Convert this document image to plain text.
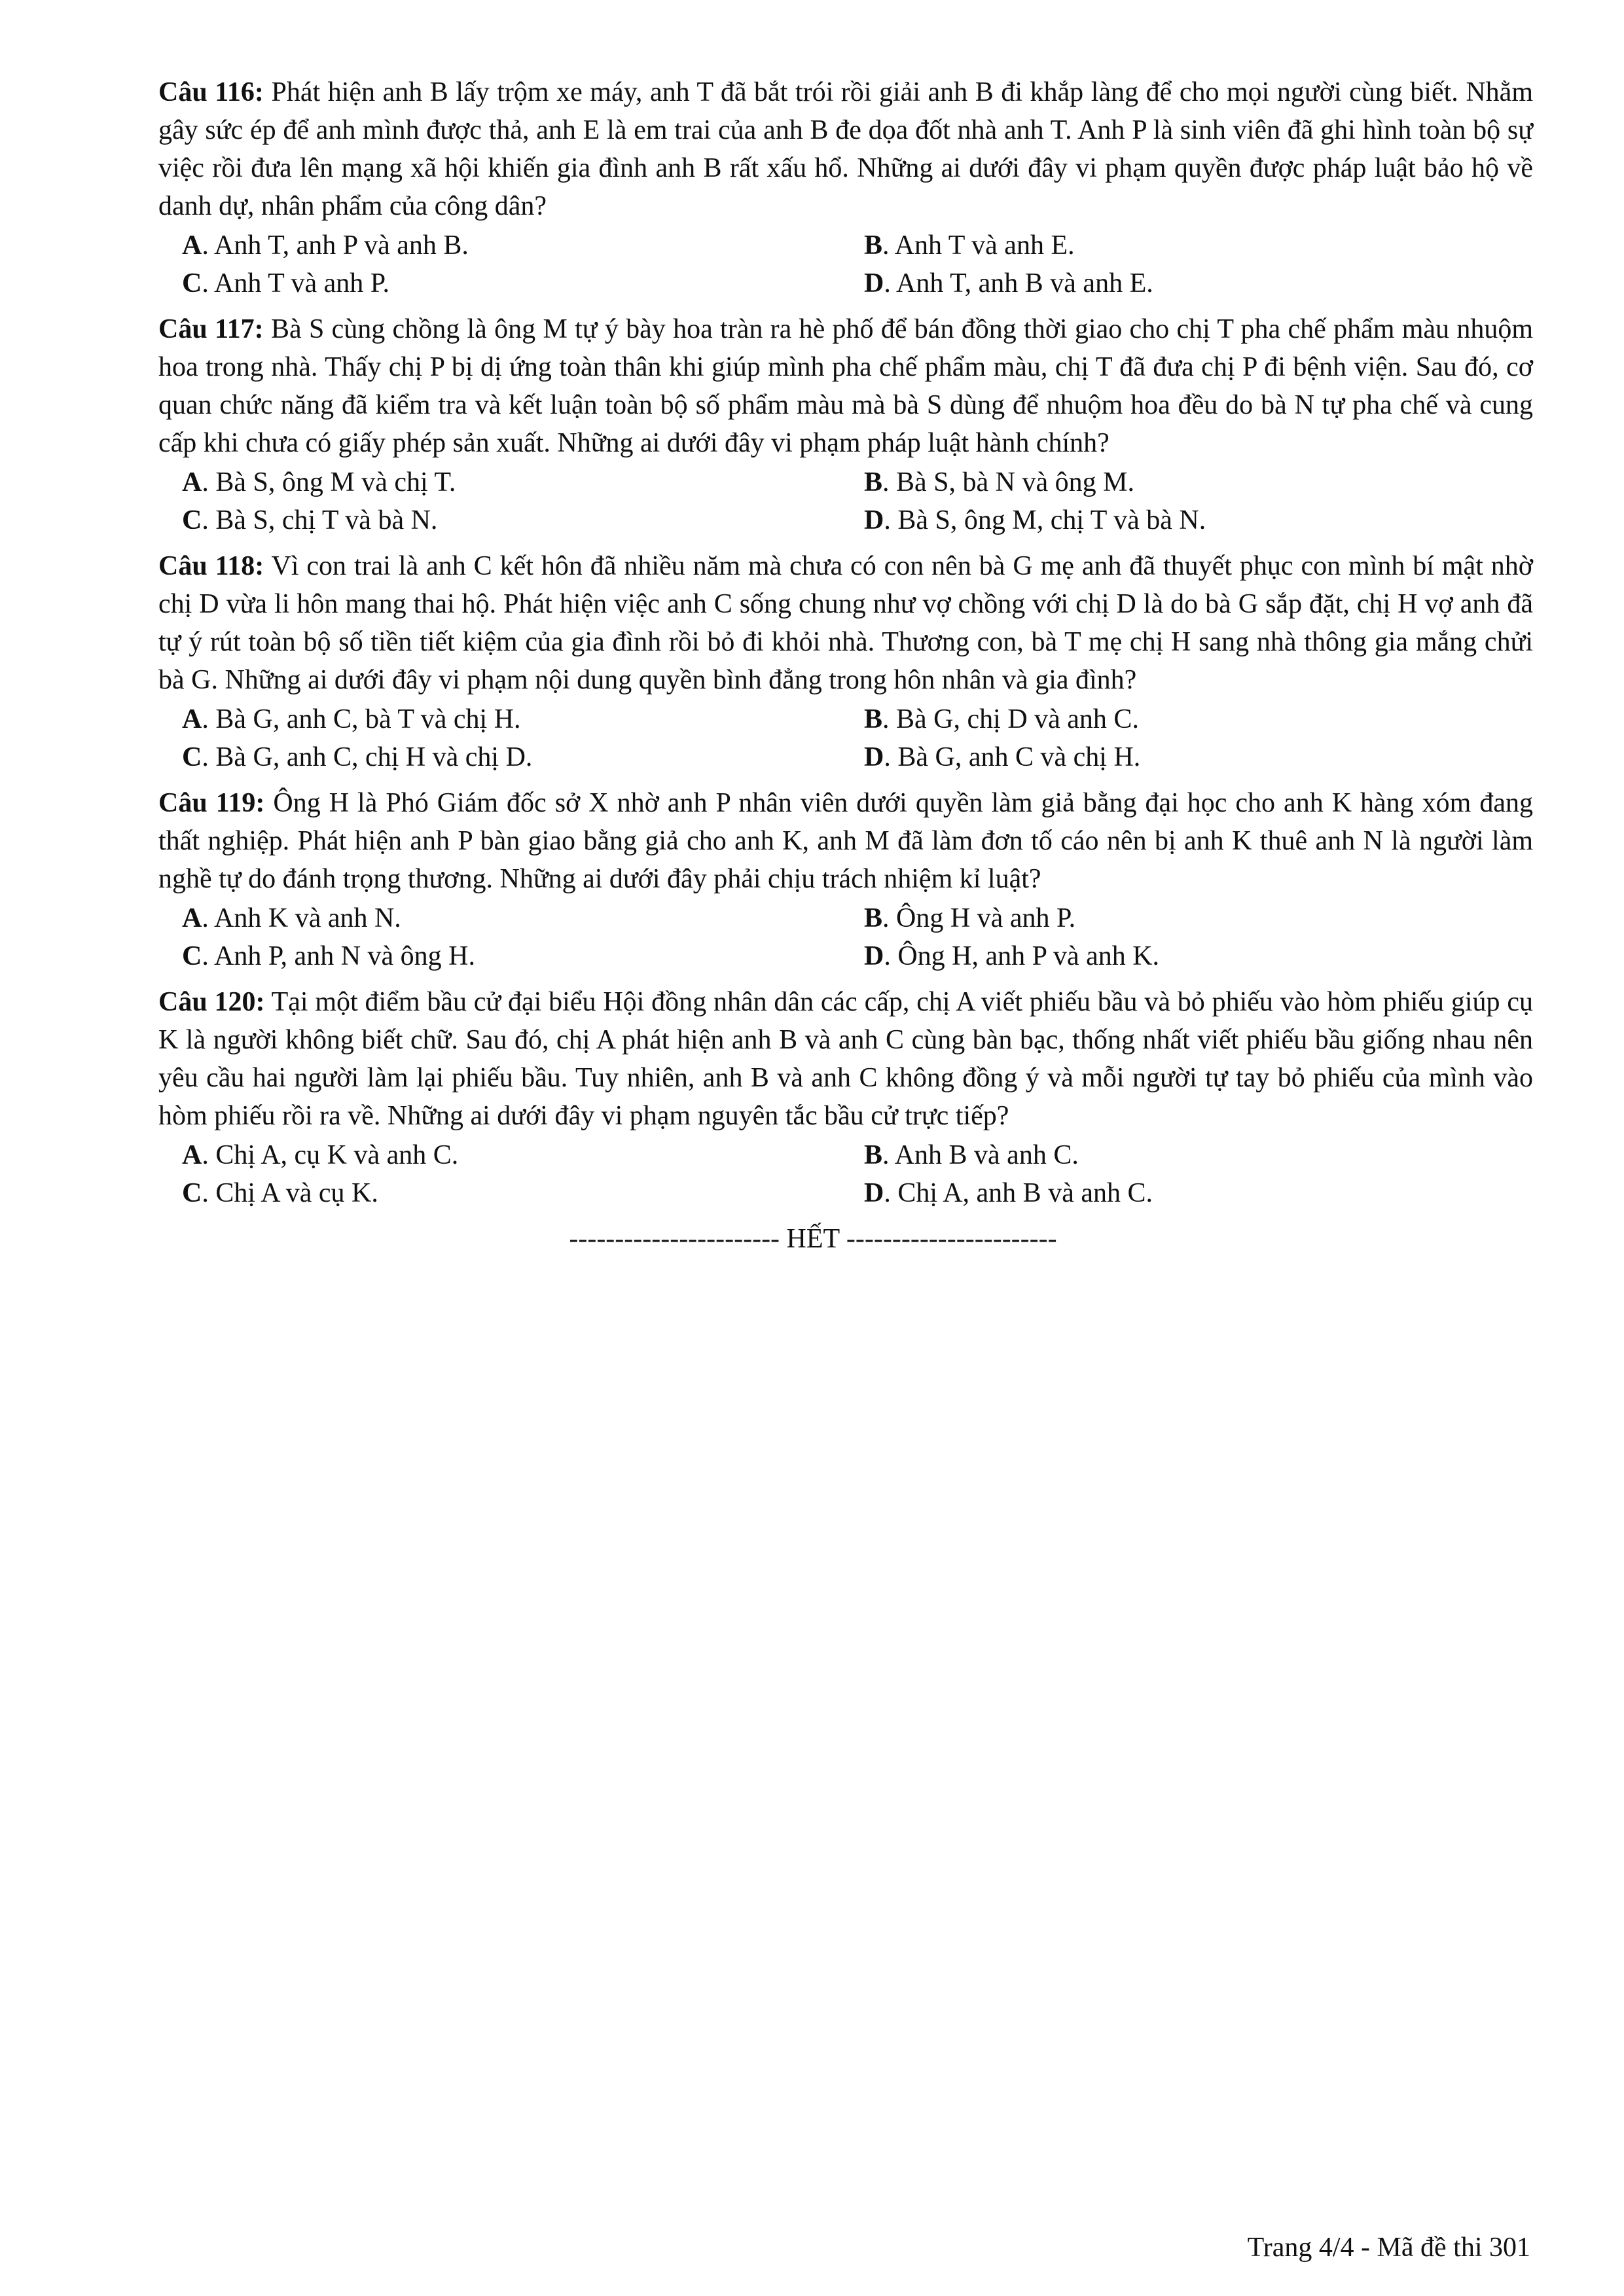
Câu 116: Phát hiện anh B lấy trộm xe máy, anh T đã bắt trói rồi giải anh B đi khắp làng để cho mọi người cùng biết. Nhằm gây sức ép để anh mình được thả, anh E là em trai của anh B đe dọa đốt nhà anh T. Anh P là sinh viên đã ghi hình toàn bộ sự việc rồi đưa lên mạng xã hội khiến gia đình anh B rất xấu hổ. Những ai dưới đây vi phạm quyền được pháp luật bảo hộ về danh dự, nhân phẩm của công dân?

A. Anh T, anh P và anh B.	B. Anh T và anh E.
C. Anh T và anh P.	D. Anh T, anh B và anh E.

Câu 117: Bà S cùng chồng là ông M tự ý bày hoa tràn ra hè phố để bán đồng thời giao cho chị T pha chế phẩm màu nhuộm hoa trong nhà. Thấy chị P bị dị ứng toàn thân khi giúp mình pha chế phẩm màu, chị T đã đưa chị P đi bệnh viện. Sau đó, cơ quan chức năng đã kiểm tra và kết luận toàn bộ số phẩm màu mà bà S dùng để nhuộm hoa đều do bà N tự pha chế và cung cấp khi chưa có giấy phép sản xuất. Những ai dưới đây vi phạm pháp luật hành chính?

A. Bà S, ông M và chị T.	B. Bà S, bà N và ông M.
C. Bà S, chị T và bà N.	D. Bà S, ông M, chị T và bà N.

Câu 118: Vì con trai là anh C kết hôn đã nhiều năm mà chưa có con nên bà G mẹ anh đã thuyết phục con mình bí mật nhờ chị D vừa li hôn mang thai hộ. Phát hiện việc anh C sống chung như vợ chồng với chị D là do bà G sắp đặt, chị H vợ anh đã tự ý rút toàn bộ số tiền tiết kiệm của gia đình rồi bỏ đi khỏi nhà. Thương con, bà T mẹ chị H sang nhà thông gia mắng chửi bà G. Những ai dưới đây vi phạm nội dung quyền bình đẳng trong hôn nhân và gia đình?

A. Bà G, anh C, bà T và chị H.	B. Bà G, chị D và anh C.
C. Bà G, anh C, chị H và chị D.	D. Bà G, anh C và chị H.

Câu 119: Ông H là Phó Giám đốc sở X nhờ anh P nhân viên dưới quyền làm giả bằng đại học cho anh K hàng xóm đang thất nghiệp. Phát hiện anh P bàn giao bằng giả cho anh K, anh M đã làm đơn tố cáo nên bị anh K thuê anh N là người làm nghề tự do đánh trọng thương. Những ai dưới đây phải chịu trách nhiệm kỉ luật?

A. Anh K và anh N.	B. Ông H và anh P.
C. Anh P, anh N và ông H.	D. Ông H, anh P và anh K.

Câu 120: Tại một điểm bầu cử đại biểu Hội đồng nhân dân các cấp, chị A viết phiếu bầu và bỏ phiếu vào hòm phiếu giúp cụ K là người không biết chữ. Sau đó, chị A phát hiện anh B và anh C cùng bàn bạc, thống nhất viết phiếu bầu giống nhau nên yêu cầu hai người làm lại phiếu bầu. Tuy nhiên, anh B và anh C không đồng ý và mỗi người tự tay bỏ phiếu của mình vào hòm phiếu rồi ra về. Những ai dưới đây vi phạm nguyên tắc bầu cử trực tiếp?

A. Chị A, cụ K và anh C.	B. Anh B và anh C.
C. Chị A và cụ K.	D. Chị A, anh B và anh C.
----------------------- HẾT -----------------------
Trang 4/4 - Mã đề thi 301
